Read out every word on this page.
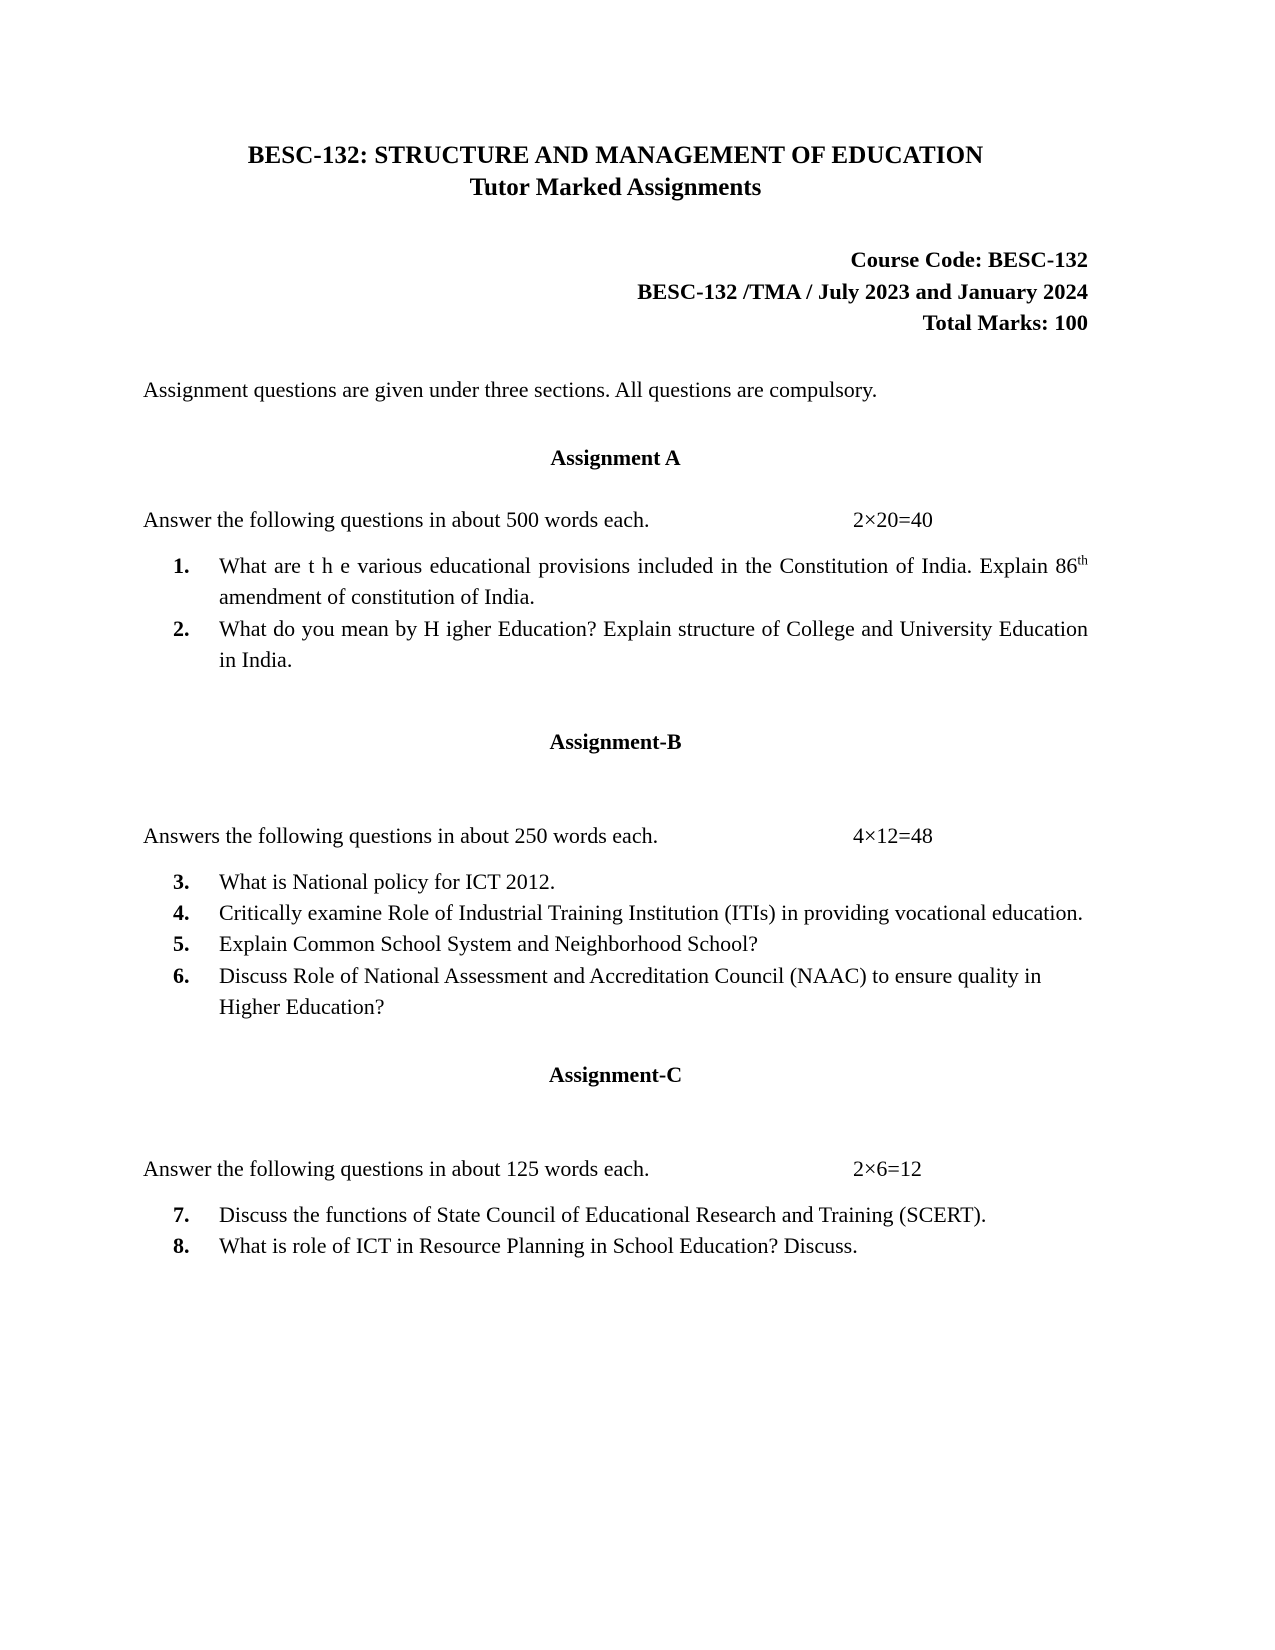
BESC-132: STRUCTURE AND MANAGEMENT OF EDUCATION
Tutor Marked Assignments
Course Code: BESC-132
BESC-132 /TMA / July 2023 and January 2024
Total Marks: 100

Assignment questions are given under three sections. All questions are compulsory.

Assignment A
Answer the following questions in about 500 words each.	2×20=40
1.	What are t h e various educational provisions included in the Constitution of India. Explain 86th amendment of constitution of India.
2.	What do you mean by H igher Education? Explain structure of College and University Education in India.
Assignment-B
Answers the following questions in about 250 words each.	4×12=48
3.	What is National policy for ICT 2012.
4.	Critically examine Role of Industrial Training Institution (ITIs) in providing vocational education.
5.	Explain Common School System and Neighborhood School?
6.	Discuss Role of National Assessment and Accreditation Council (NAAC) to ensure quality in Higher Education?
Assignment-C
Answer the following questions in about 125 words each.	2×6=12
7.	Discuss the functions of State Council of Educational Research and Training (SCERT).
8.	What is role of ICT in Resource Planning in School Education? Discuss.
